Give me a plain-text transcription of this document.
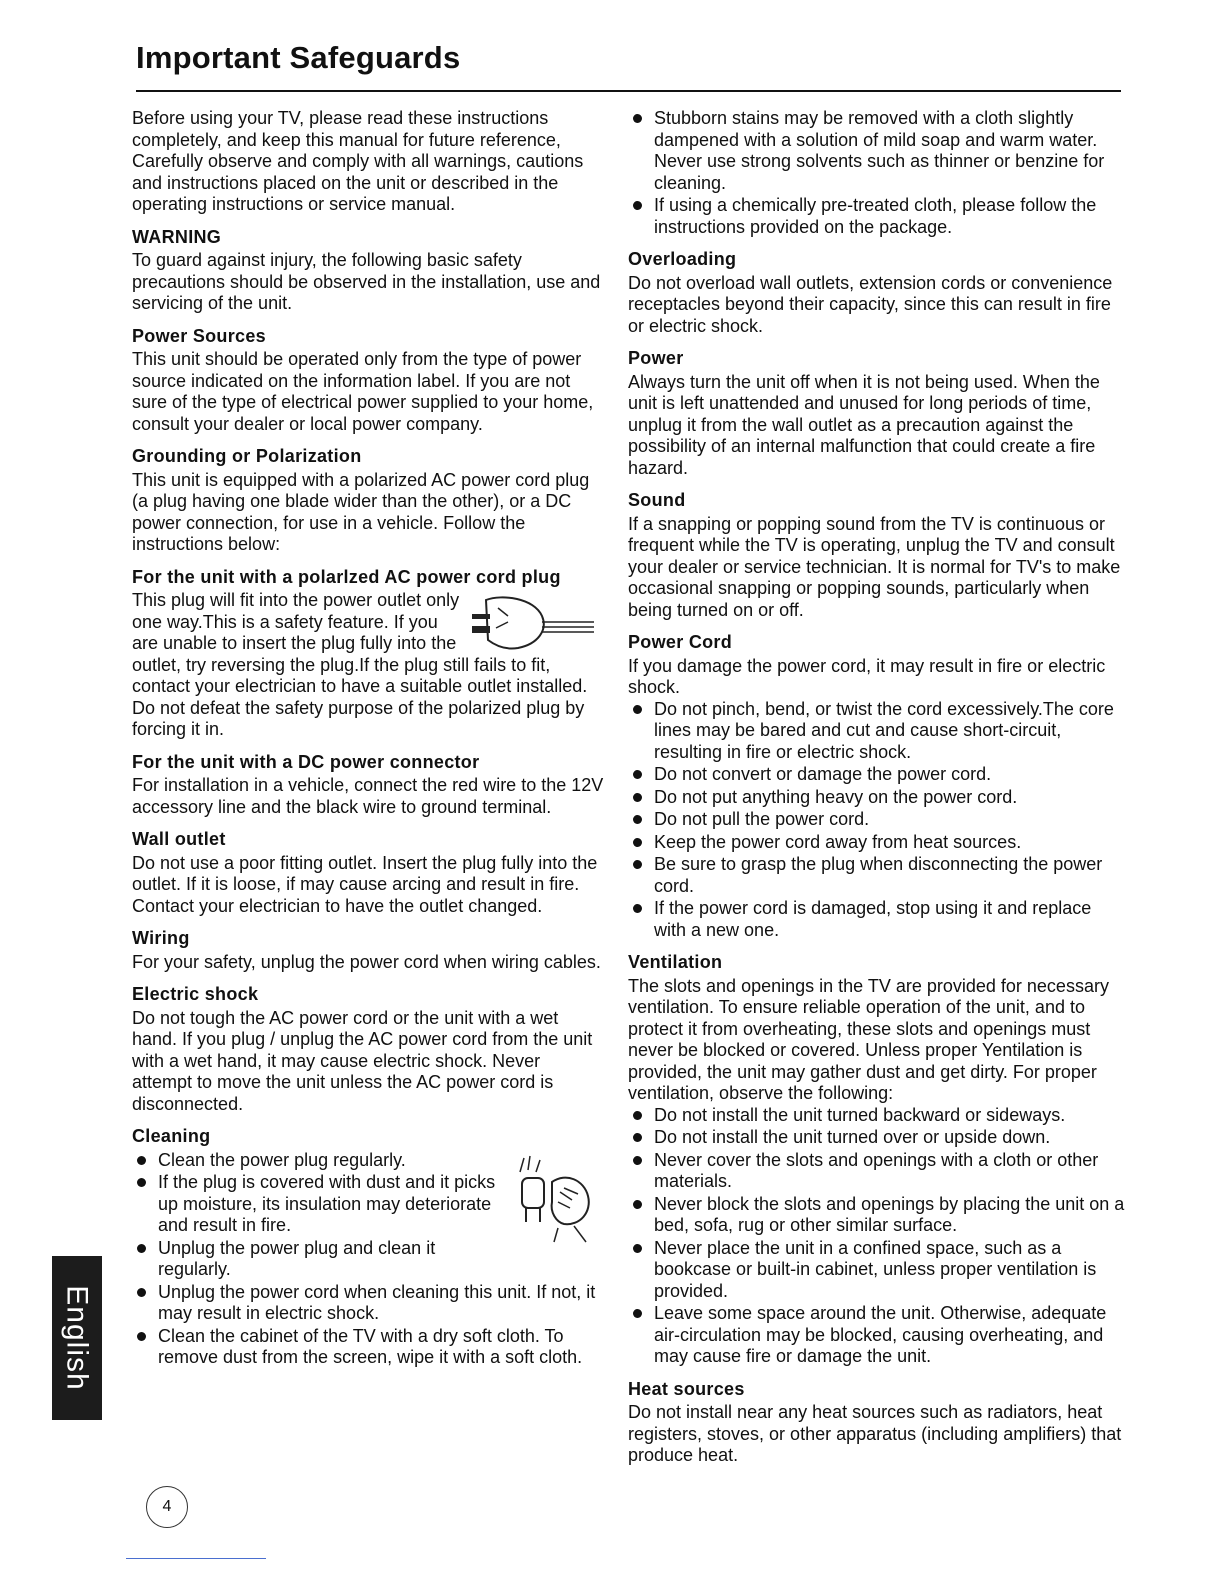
Important Safeguards

Before using your TV, please read these instructions completely, and keep this manual for future reference, Carefully observe and comply with all warnings, cautions and instructions placed on the unit or described in the operating instructions or service manual.

WARNING

To guard against injury, the following basic safety precautions should be observed in the installation, use and servicing of the unit.

Power Sources

This unit should be operated only from the type of power source indicated on the information label. If you are not sure of the type of electrical power supplied to your home, consult your dealer or local power company.

Grounding or Polarization

This unit is equipped with a polarized AC power cord plug (a plug having one blade wider than the other), or a DC power connection, for use in a vehicle. Follow the instructions below:

For the unit with a polarlzed AC power cord plug

This plug will fit into the power outlet only one way.This is a safety feature. If you are unable to insert the plug fully into the outlet, try reversing the plug.If the plug still fails to fit, contact your electrician to have a suitable outlet installed. Do not defeat the safety purpose of the polarized plug by forcing it in.

For the unit with a DC power connector

For installation in a vehicle, connect the red wire to the 12V accessory line and the black wire to ground terminal.

Wall outlet

Do not use a poor fitting outlet. Insert the plug fully into the outlet. If it is loose, if may cause arcing and result in fire. Contact your electrician to have the outlet changed.

Wiring

For your safety, unplug the power cord when wiring cables.

Electric shock

Do not tough the AC power cord or the unit with a wet hand. If you plug / unplug the AC power cord from the unit with a wet hand, it may cause electric shock. Never attempt to move the unit unless the AC power cord is disconnected.

Cleaning
Clean the power plug regularly.
If the plug is covered with dust and it picks up moisture, its insulation may deteriorate and result in fire.
Unplug the power plug and clean it regularly.
Unplug the power cord when cleaning this unit. If not, it may result in electric shock.
Clean the cabinet of the TV with a dry soft cloth. To remove dust from the screen, wipe it with a soft cloth.
Stubborn stains may be removed with a cloth slightly dampened with a solution of mild soap and warm water. Never use strong solvents such as thinner or benzine for cleaning.
If using a chemically pre-treated cloth, please follow the instructions provided on the package.
Overloading

Do not overload wall outlets, extension cords or convenience receptacles beyond their capacity, since this can result in fire or electric shock.

Power

Always turn the unit off when it is not being used. When the unit is left unattended and unused for long periods of time, unplug it from the wall outlet as a precaution against the possibility of an internal malfunction that could create a fire hazard.

Sound

If a snapping or popping sound from the TV is continuous or frequent while the TV is operating, unplug the TV and consult your dealer or service technician. It is normal for TV's to make occasional snapping or popping sounds, particularly when being turned on or off.

Power Cord

If you damage the power cord, it may result in fire or electric shock.

Do not pinch, bend, or twist the cord excessively.The core lines may be bared and cut and cause short-circuit, resulting in fire or electric shock.
Do not convert or damage the power cord.
Do not put anything heavy on the power cord.
Do not pull the power cord.
Keep the power cord away from heat sources.
Be sure to grasp the plug when disconnecting the power cord.
If the power cord is damaged, stop using it and replace with a new one.
Ventilation

The slots and openings in the TV are provided for necessary ventilation. To ensure reliable operation of the unit, and to protect it from overheating, these slots and openings must never be blocked or covered. Unless proper Yentilation is provided, the unit may gather dust and get dirty. For proper ventilation, observe the following:

Do not install the unit turned backward or sideways.
Do not install the unit turned over or upside down.
Never cover the slots and openings with a cloth or other materials.
Never block the slots and openings by placing the unit on a bed, sofa, rug or other similar surface.
Never place the unit in a confined space, such as a bookcase or built-in cabinet, unless proper ventilation is provided.
Leave some space around the unit. Otherwise, adequate air-circulation may be blocked, causing overheating, and may cause fire or damage the unit.
Heat sources

Do not install near any heat sources such as radiators, heat registers, stoves, or other apparatus (including amplifiers) that produce heat.

English
4
